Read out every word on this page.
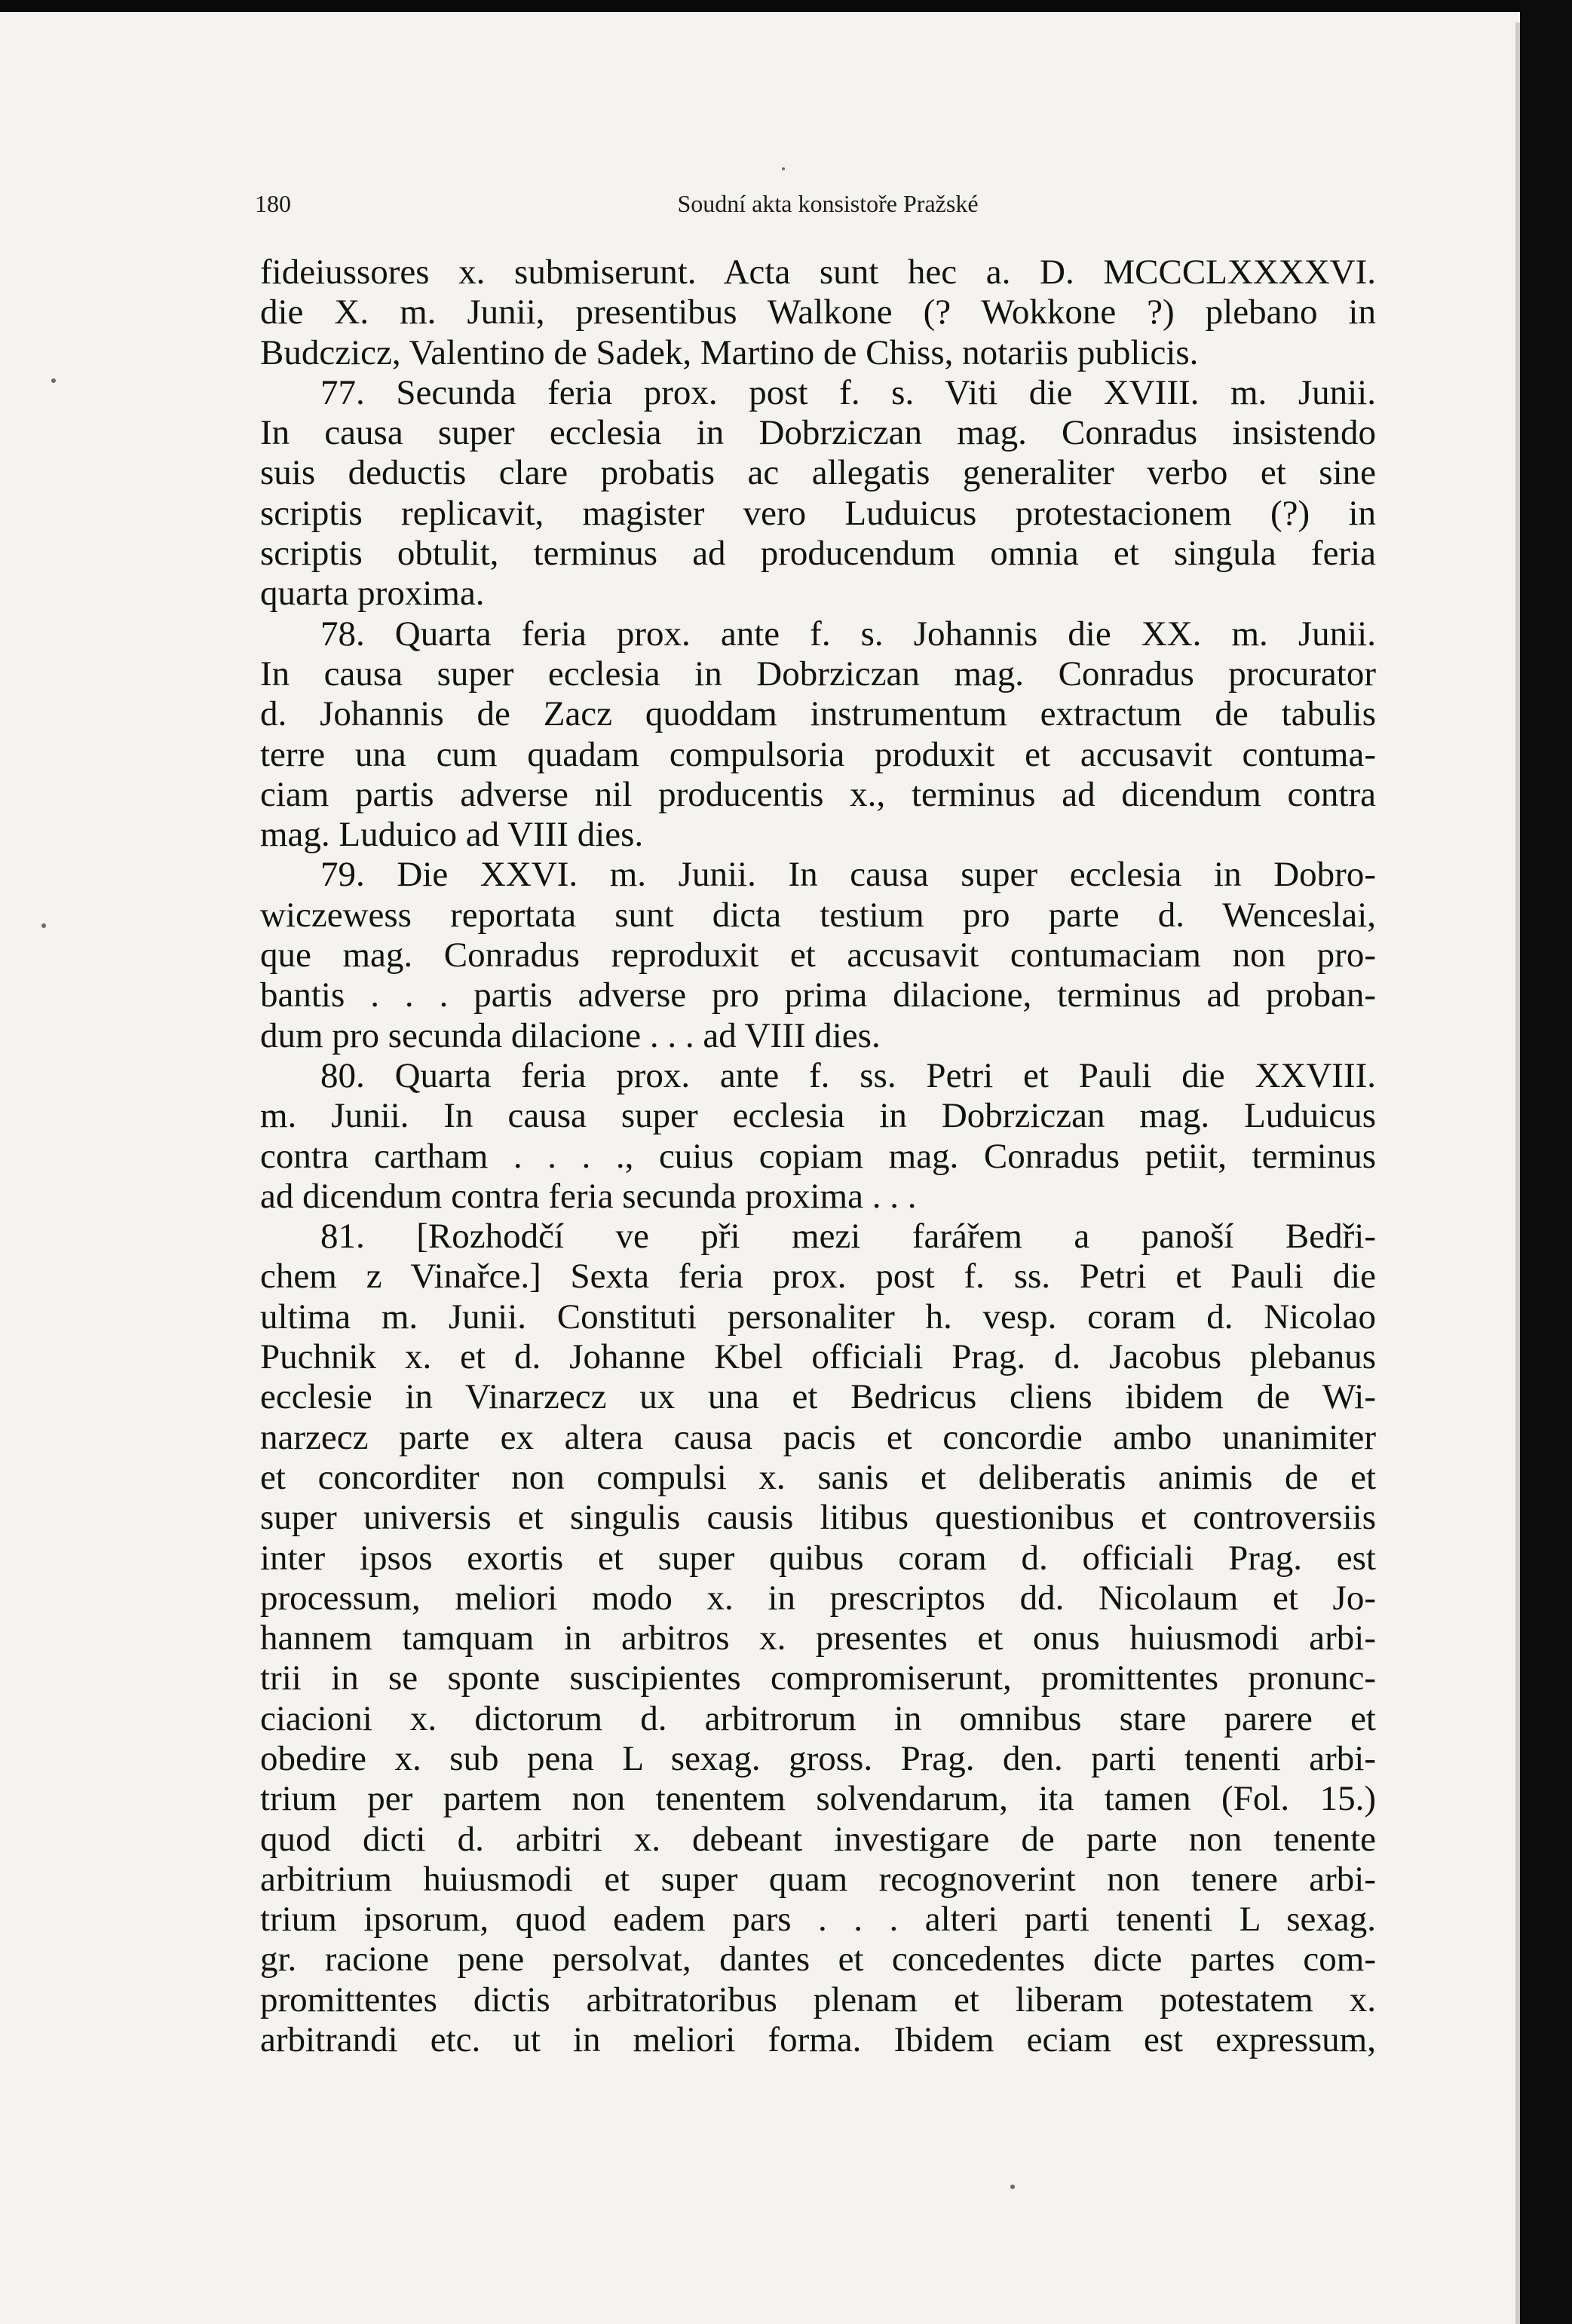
180	Soudní akta konsistoře Pražské
fideiussores x. submiserunt. Acta sunt hec a. D. MCCCLXXXXVI.
die X. m. Junii, presentibus Walkone (? Wokkone ?) plebano in
Budczicz, Valentino de Sadek, Martino de Chiss, notariis publicis.
77. Secunda feria prox. post f. s. Viti die XVIII. m. Junii.
In causa super ecclesia in Dobrziczan mag. Conradus insistendo
suis deductis clare probatis ac allegatis generaliter verbo et sine
scriptis replicavit, magister vero Luduicus protestacionem (?) in
scriptis obtulit, terminus ad producendum omnia et singula feria
quarta proxima.
78. Quarta feria prox. ante f. s. Johannis die XX. m. Junii.
In causa super ecclesia in Dobrziczan mag. Conradus procurator
d. Johannis de Zacz quoddam instrumentum extractum de tabulis
terre una cum quadam compulsoria produxit et accusavit contuma-
ciam partis adverse nil producentis x., terminus ad dicendum contra
mag. Luduico ad VIII dies.
79. Die XXVI. m. Junii. In causa super ecclesia in Dobro-
wiczewess reportata sunt dicta testium pro parte d. Wenceslai,
que mag. Conradus reproduxit et accusavit contumaciam non pro-
bantis . . . partis adverse pro prima dilacione, terminus ad proban-
dum pro secunda dilacione . . . ad VIII dies.
80. Quarta feria prox. ante f. ss. Petri et Pauli die XXVIII.
m. Junii. In causa super ecclesia in Dobrziczan mag. Luduicus
contra cartham . . . ., cuius copiam mag. Conradus petiit, terminus
ad dicendum contra feria secunda proxima . . .
81. [Rozhodčí ve při mezi farářem a panoší Bedři-
chem z Vinařce.] Sexta feria prox. post f. ss. Petri et Pauli die
ultima m. Junii. Constituti personaliter h. vesp. coram d. Nicolao
Puchnik x. et d. Johanne Kbel officiali Prag. d. Jacobus plebanus
ecclesie in Vinarzecz ux una et Bedricus cliens ibidem de Wi-
narzecz parte ex altera causa pacis et concordie ambo unanimiter
et concorditer non compulsi x. sanis et deliberatis animis de et
super universis et singulis causis litibus questionibus et controversiis
inter ipsos exortis et super quibus coram d. officiali Prag. est
processum, meliori modo x. in prescriptos dd. Nicolaum et Jo-
hannem tamquam in arbitros x. presentes et onus huiusmodi arbi-
trii in se sponte suscipientes compromiserunt, promittentes pronunc-
ciacioni x. dictorum d. arbitrorum in omnibus stare parere et
obedire x. sub pena L sexag. gross. Prag. den. parti tenenti arbi-
trium per partem non tenentem solvendarum, ita tamen (Fol. 15.)
quod dicti d. arbitri x. debeant investigare de parte non tenente
arbitrium huiusmodi et super quam recognoverint non tenere arbi-
trium ipsorum, quod eadem pars . . . alteri parti tenenti L sexag.
gr. racione pene persolvat, dantes et concedentes dicte partes com-
promittentes dictis arbitratoribus plenam et liberam potestatem x.
arbitrandi etc. ut in meliori forma. Ibidem eciam est expressum,
